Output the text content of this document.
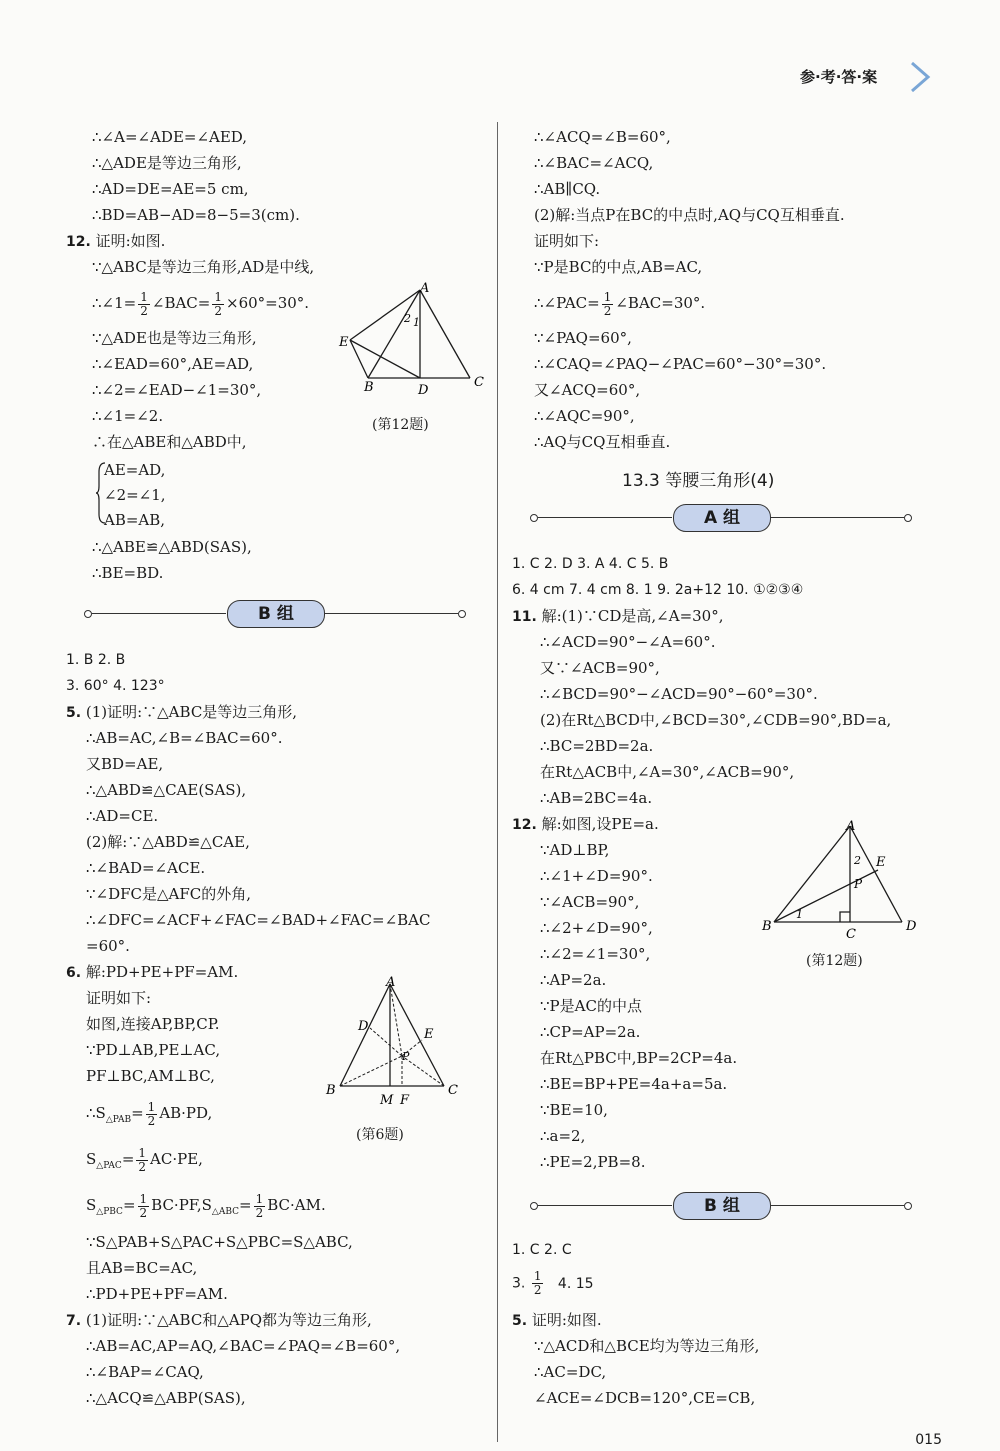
参·考·答·案
∴∠A=∠ADE=∠AED,
∴△ADE是等边三角形,
∴AD=DE=AE=5 cm,
∴BD=AB−AD=8−5=3(cm).
12. 证明:如图.
∵△ABC是等边三角形,AD是中线,
∴∠1= $\frac{1}{2}$ ∠BAC= $\frac{1}{2} \times 60^\circ=30^\circ$.
∵△ADE也是等边三角形,
∴∠EAD=60°,AE=AD,
∴∠2=∠EAD−∠1=30°,
∴∠1=∠2.
∴在△ABE和△ABD中,
AE=AD,
∠2=∠1,
AB=AB,
∴△ABE≌△ABD(SAS),
∴BE=BD.
A
E
B	D
C
2 1
(第12题)
B 组
1. B 2. B
3. 60° 4. 123°
5. (1)证明:∵△ABC是等边三角形,
∴AB=AC,∠B=∠BAC=60°.
又BD=AE,
∴△ABD≌△CAE(SAS),
∴AD=CE.
(2)解:∵△ABD≌△CAE,
∴∠BAD=∠ACE.
∵∠DFC是△AFC的外角,
∴∠DFC=∠ACF+∠FAC=∠BAD+∠FAC=∠BAC
=60°.
6. 解:PD+PE+PF=AM.
证明如下:
如图,连接AP,BP,CP.
∵PD⊥AB,PE⊥AC,
PF⊥BC,AM⊥BC,
$\therefore S_{\triangle PAB}= \frac{1}{2} AB\cdot PD$,
$S_{\triangle PAC}= \frac{1}{2} AC\cdot PE$,
$S_{\triangle PBC}= \frac{1}{2} BC\cdot PF,S_{\triangle ABC}= \frac{1}{2} BC\cdot AM$.
∵S△PAB+S△PAC+S△PBC=S△ABC,
且AB=BC=AC,
∴PD+PE+PF=AM.
A
D
E
P
B	C
M F
(第6题)
7. (1)证明:∵△ABC和△APQ都为等边三角形,
∴AB=AC,AP=AQ,∠BAC=∠PAQ=∠B=60°,
∴∠BAP=∠CAQ,
∴△ACQ≌△ABP(SAS),
∴∠ACQ=∠B=60°,
∴∠BAC=∠ACQ,
∴AB∥CQ.
(2)解:当点P在BC的中点时,AQ与CQ互相垂直.
证明如下:
∵P是BC的中点,AB=AC,
∴∠PAC= $\frac{1}{2}$ ∠BAC=30°.
∵∠PAQ=60°,
∴∠CAQ=∠PAQ−∠PAC=60°−30°=30°.
又∠ACQ=60°,
∴∠AQC=90°,
∴AQ与CQ互相垂直.
13.3 等腰三角形(4)
A 组
1. C 2. D 3. A 4. C 5. B
6. 4 cm 7. 4 cm 8. 1 9. 2a+12 10. ①②③④
11. 解:(1)∵CD是高,∠A=30°,
∴∠ACD=90°−∠A=60°.
又∵∠ACB=90°,
∴∠BCD=90°−∠ACD=90°−60°=30°.
(2)在Rt△BCD中,∠BCD=30°,∠CDB=90°,BD=a,
∴BC=2BD=2a.
在Rt△ACB中,∠A=30°,∠ACB=90°,
∴AB=2BC=4a.
12. 解:如图,设PE=a.
∵AD⊥BP,
∴∠1+∠D=90°.
∵∠ACB=90°,
∴∠2+∠D=90°,
∴∠2=∠1=30°,
∴AP=2a.
∵P是AC的中点
∴CP=AP=2a.
在Rt△PBC中,BP=2CP=4a.
∴BE=BP+PE=4a+a=5a.
∵BE=10,
∴a=2,
∴PE=2,PB=8.
A
E
P
2
1
B
C
D
(第12题)
B 组
1. C 2. C
3. $\frac{1}{2} 4$. 15
5. 证明:如图.
∵△ACD和△BCE均为等边三角形,
∴AC=DC,
∠ACE=∠DCB=120°,CE=CB,
015
